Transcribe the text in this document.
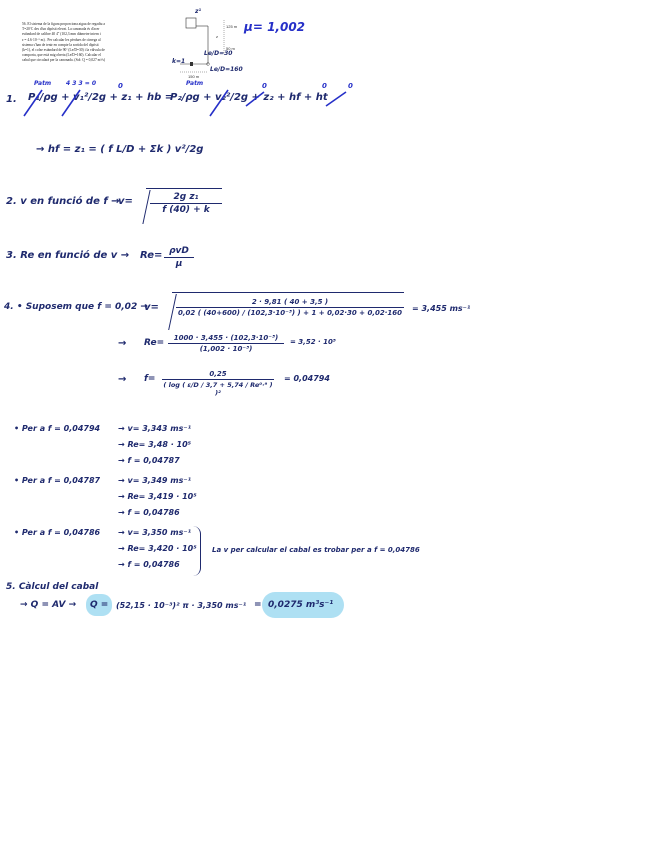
56. El sistema de la figura proporciona aigua de regadiu a
T=20ºC des d'un dipòsit elevat. La canonada és d'acer
estàndard de calibre 40 4" (102,3 mm diàmetre intern i
ε = 4.6·10⁻⁵ m) . Per calcular les pèrdues de càrrega al
sistema s'han de tenir en compte la sortida del dipòsit
(k=1), el colze estàndard de 90º (Le/D=30) i la vàlvula de
comporta, que està mig oberta (Le/D=160). Calcular el
cabal que circularà per la canonada. (Sol: Q = 0,027 m³/s)
125 m
z
50 m
150 m
z¹
Le/D=30
k=1
Le/D=160
μ= 1,002
1.
Patm 4 3 3 = 0	Patm
P₁/ρg + v₁²/2g + z₁ + hb =
P₂/ρg + v₂²/2g + z₂ + hf + ht
0	0	0
0
→ hf = z₁ = ( f L/D + Σk ) v²/2g
2. v en funció de f →
$v= \frac{\text{2g z₁}}{f (40) + k}$
3. Re en funció de v → Re= ρvD
μ
4. • Suposem que f = 0,02 →
$v= \frac{2 \cdot 9,81 ( 40 + 3,5 )}{\text{0,02 ( (40+600) / (102,3·10⁻³) ) + 1 + 0,02·30 + 0,02·160}} = 3,455$ ms⁻¹
→ $Re= \frac{\text{1000 · 3,455 · (102,3·10⁻³)}}{\text{(1,002 · 10⁻³)}} = 3,52 \cdot 10^5$
→ $f= \frac{0,25}{\text{( log ( ε/D / 3,7 + 5,74 / Re⁰·⁹ ) )²}} = 0,04794$
• Per a f = 0,04794 → v= 3,343 ms⁻¹
→ Re= 3,48 · 10⁵
→ f = 0,04787
• Per a f = 0,04787 → v= 3,349 ms⁻¹
→ Re= 3,419 · 10⁵
→ f = 0,04786
• Per a f = 0,04786 → v= 3,350 ms⁻¹
→ Re= 3,420 · 10⁵
→ f = 0,04786
La v per calcular el cabal es trobar per a f = 0,04786
5. Càlcul del cabal
→ Q = AV → Q = (52,15 · 10⁻³)² π · 3,350 ms⁻¹ = 0,0275 m³s⁻¹
